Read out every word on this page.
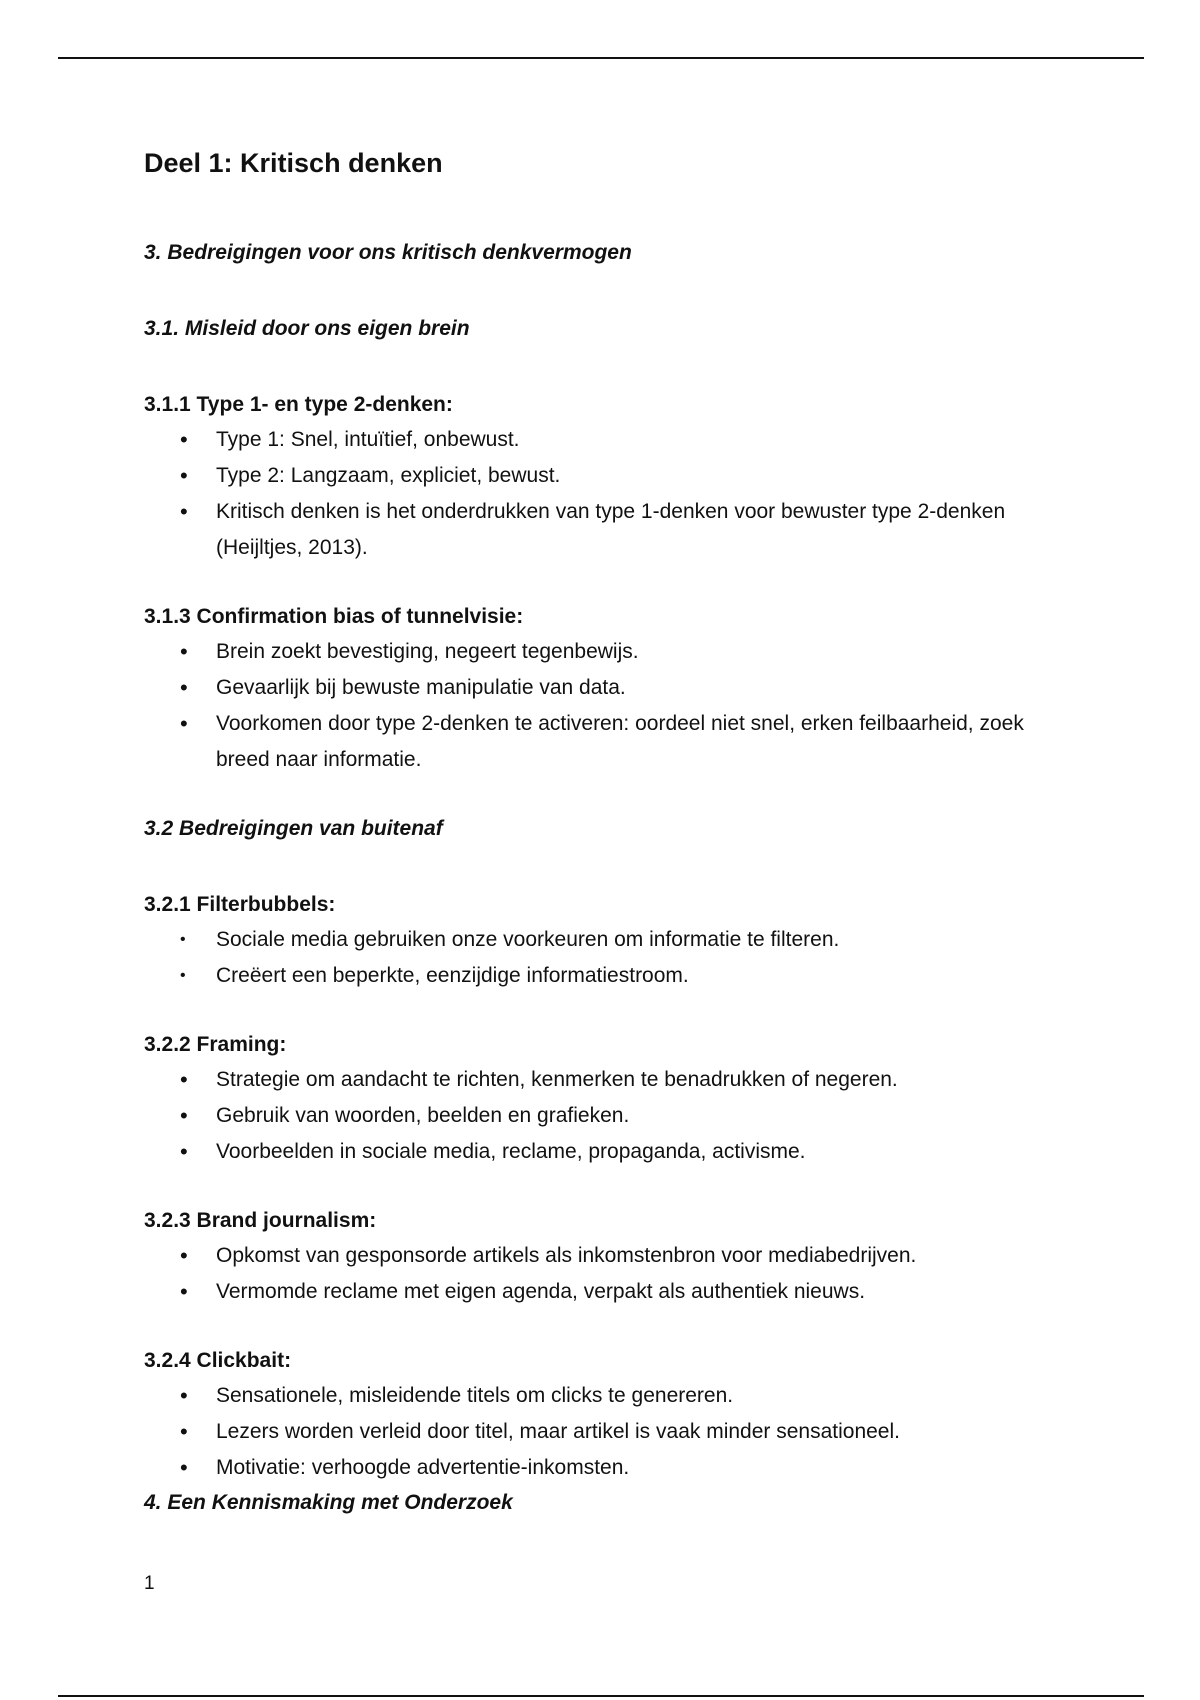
Deel 1: Kritisch denken
3. Bedreigingen voor ons kritisch denkvermogen
3.1. Misleid door ons eigen brein
3.1.1 Type 1- en type 2-denken:
• Type 1: Snel, intuïtief, onbewust.
• Type 2: Langzaam, expliciet, bewust.
• Kritisch denken is het onderdrukken van type 1-denken voor bewuster type 2-denken (Heijltjes, 2013).
3.1.3 Confirmation bias of tunnelvisie:
• Brein zoekt bevestiging, negeert tegenbewijs.
• Gevaarlijk bij bewuste manipulatie van data.
• Voorkomen door type 2-denken te activeren: oordeel niet snel, erken feilbaarheid, zoek breed naar informatie.
3.2 Bedreigingen van buitenaf
3.2.1 Filterbubbels:
• Sociale media gebruiken onze voorkeuren om informatie te filteren.
• Creëert een beperkte, eenzijdige informatiestroom.
3.2.2 Framing:
• Strategie om aandacht te richten, kenmerken te benadrukken of negeren.
• Gebruik van woorden, beelden en grafieken.
• Voorbeelden in sociale media, reclame, propaganda, activisme.
3.2.3 Brand journalism:
• Opkomst van gesponsorde artikels als inkomstenbron voor mediabedrijven.
• Vermomde reclame met eigen agenda, verpakt als authentiek nieuws.
3.2.4 Clickbait:
• Sensationele, misleidende titels om clicks te genereren.
• Lezers worden verleid door titel, maar artikel is vaak minder sensationeel.
• Motivatie: verhoogde advertentie-inkomsten.
4. Een Kennismaking met Onderzoek
1
